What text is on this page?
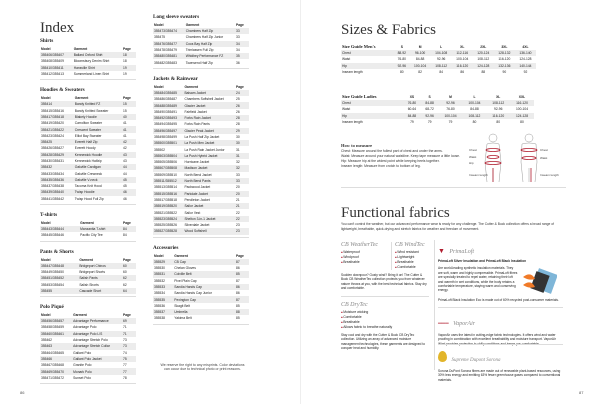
Index
Shirts
Model	Garment	Page
355406/355407	Ballard Oxford Shirt	18
355408/355409	Bloomsbury Denim Shirt	18
355410/355411	Hansville Shirt	19
355412/355413	Summerland Linen Shirt	19
Hoodies & Sweaters
Model	Garment	Page
355414	Bandy Knitted FZ	15
355415/355416	Bandy Knitted Sweater	15
355417/355418	Blakely Hoodie	40
355419/355420	Carrollton Sweater	41
355421/355422	Crescent Sweater	41
355423/355424	Elliot Bay Sweater	41
355425	Everett Half Zip	42
355426/355427	Everett Hoody	42
355428/355429	Kennewick Hoodie	43
355430/355431	Kennewick Halfzip	43
355432	Oakville Cardigan	44
355433/355434	Oakville Crewneck	44
355435/355436	Oakville V-neck	45
355437/355438	Tacoma Knit Hood	45
355439/355440	Twisp Hoodie	46
355441/355442	Twisp Hood Full Zip	46
T-shirts
Model	Garment	Page
355443/355444	Manzanita T-shirt	84
355445/355446	Pacific City Tee	84
Pants & Shorts
Model	Garment	Page
355447/355448	Bridgeport Chinos	60
355449/355450	Bridgeport Shorts	60
355451/355452	Salish Pants	62
355453/355454	Salish Shorts	62
355455	Cascade Short	64
Polo Piqué
Model	Garment	Page
355456/355457	Advantage Performance	69
355458/355459	Advantage Polo	71
355460/355461	Advantage Polo L/S	71
355462	Advantage Stretch Polo	73
355463	Advantage Stretch Collar	73
355464/355465	Gallant Polo	74
355466	Gallant Polo Jacket	75
355467/355468	Granite Polo	77
355469/355470	Monark Polo	77
355471/355472	Sunset Polo	78
Long sleeve sweaters
Model	Garment	Page
355473/355474	Chambers Half Zip	33
355475	Chambers Half Zip Junior	33
355476/355477	Coos Bay Half Zip	34
355478/355479	Trimlassen Full Zip	34
355480/355481	Whidbey Performance FZ	35
355482/355483	Townsend Half Zip	36
Jackets & Rainwear
Model	Garment	Page
355484/355485	Balsam Jacket	24
355486/355487	Chambers Softshell Jacket	25
355488/355489	Glacier Jacket	26
355490/355491	Fairfield Jacket	26
355492/355493	Forks Rain Jacket	28
355494/355495	Forks Rain Pants	28
355496/355497	Glacier Peak Jacket	29
355498/355499	La Push Half Zip Jacket	30
355500/355501	La Push Men Jacket	30
355502	La Push Rain Jacket Junior	31
355503/355504	La Push Hybrid Jacket	31
355505/355506	Hurricane Jacket	32
355507/355508	Madison Jacket	32
355509/355510	North Bend Jacket	33
355511/355512	North Bend Pants	33
355513/355514	Packwood Jacket	20
355515/355516	Parkdale Jacket	20
355517/355518	Pendleton Jacket	21
355519/355520	Sailor Jacket	21
355521/355522	Sailor Vest	22
355523/355524	Shelton 3-in-1 Jacket	22
355525/355526	Silverdale Jacket	23
355527/355528	Wood Softshell	23
Accessories
Model	Garment	Page
355529	CB Cap	87
355530	Chelan Gloves	86
355531	Colville Belt	85
355532	Pixel Plain Cap	87
355533	Sandia Hands Cap	86
355534	Sandia Hands Cap Junior	86
355535	Pexington Cap	87
355536	Skagit Belt	85
355537	Umbrella	88
355538	Yakima Belt	85
We reserve the right to any misprints. Color deviations can occur due to technical photo or print reasons.
86
Sizes & Fabrics
Size Guide Men's	S	M	L	XL	2XL	3XL	4XL
Chest	88-92	96-100	104-108	112-116	120-124	128-132	136-140
Waist	76-80	84-88	92-96	100-104	108-112	116-120	124-128
Hip	92-96	100-104	108-112	116-120	124-128	132-136	140-144
Inseam length	80	82	84	86	88	90	92
Size Guide Ladies	XS	S	M	L	XL	XXL
Chest	76-80	84-88	92-96	100-104	108-112	116-120
Waist	60-64	68-72	76-80	84-88	92-96	100-104
Hip	84-88	92-96	100-104	108-112	116-120	124-128
Inseam length	79	79	79	80	80	80
How to measure
Chest: Measure around the fullest part of chest and under the arms.
Waist: Measure around your natural waistline. Keep tape measure a little loose.
Hip: Measure hip at the widest point while keeping heels together.
Inseam length: Measure from crotch to bottom of leg.
Chest
Waist
Hip
Inseam length
Chest
Waist
Inseam length
Functional fabrics
You can't control the weather, but our advanced performance wear is ready for any challenge. The Cutter & Buck collection offers a broad range of lightweight, breathable, quick-drying and stretch fabrics for weather and freedom of movement.
CB WeatherTec
■ Waterproof
■ Windproof
■ Breathable
CB WindTec
■ Wind resistant
■ Lightweight
■ Breathable
■ Comfortable

Sudden downpour? Gusty wind? Bring it on! The Cutter & Buck CB WeatherTec collection protects you from whatever nature throws at you, with the best technical fabrics. Stay dry and comfortable.

CB DryTec
■ Moisture wicking
■ Comfortable
■ Breathable
■ Allows fabric to breathe naturally

Stay cool and dry with the Cutter & Buck CB DryTec collection. Utilizing an array of advanced moisture management technologies, these garments are designed to conquer heat and humidity.

▼ PrimaLoft

PrimaLoft Silver Insulation and PrimaLoft Black Insulation

Are world-leading synthetic insulation materials. They are soft, warm and highly compressible. PrimaLoft fibres are specially treated to repel water, retaining their loft and warmth in wet conditions, while the body retains a comfortable temperature, staying warm and conserving energy.

PrimaLoft Black Insulation Eco is made out of 60% recycled post-consumer materials.

═══ VaporAir

VaporAir uses the latest in cutting-edge fabric technologies. It offers wind and water proofing in combination with excellent breathability and moisture transport. VaporAir

Supreme Dupont Sorona

Sorona DuPont Sorona fibres are made out of renewable plant-based resources, using 30% less energy and emitting 63% fewer greenhouse gases compared to conventional materials.

87
